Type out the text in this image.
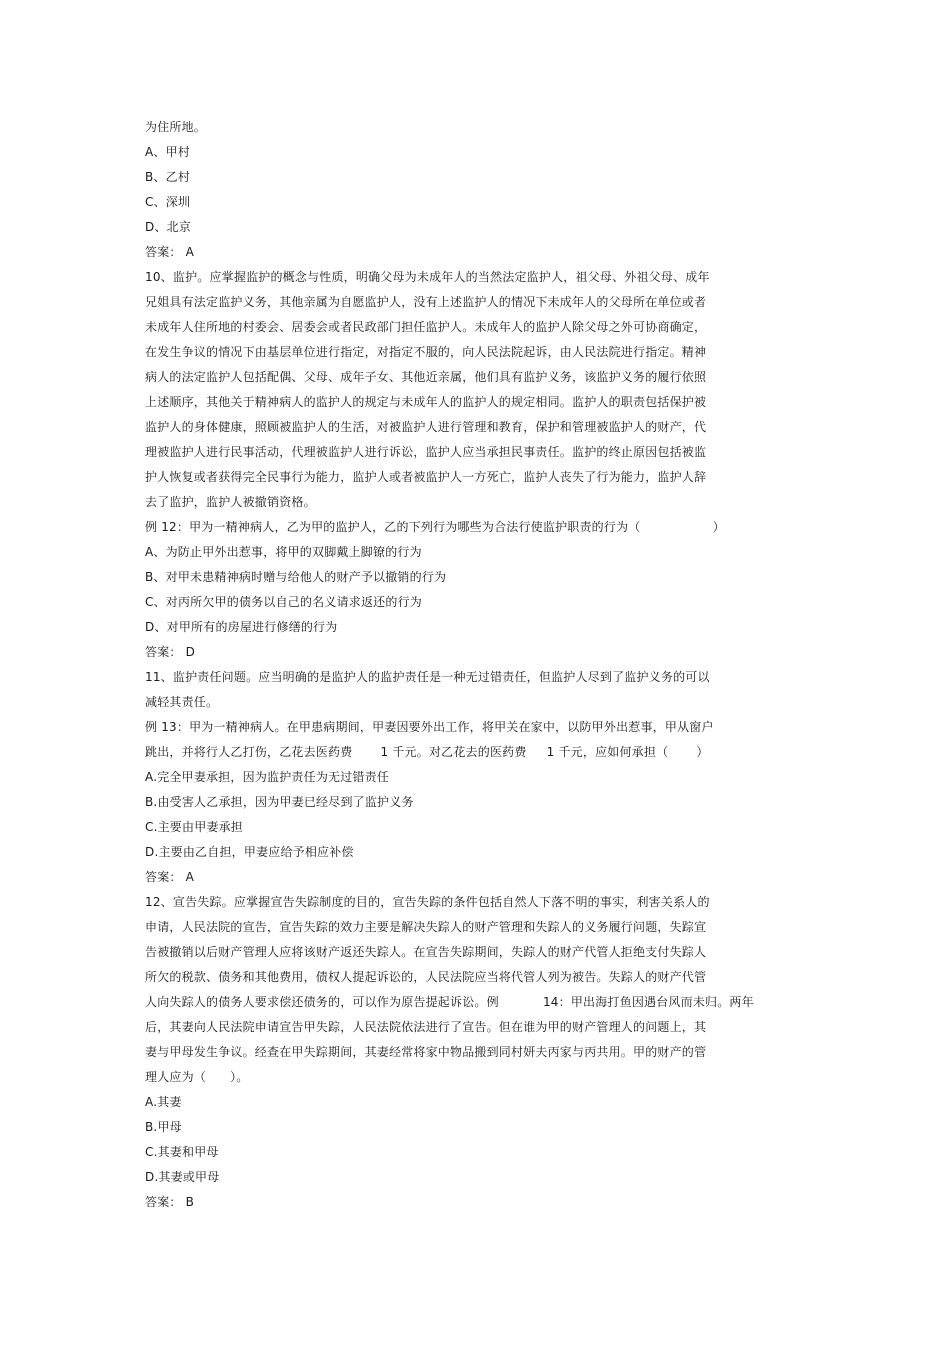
为住所地。
A、甲村
B、乙村
C、深圳
D、北京
答案： A
10、监护。应掌握监护的概念与性质，明确父母为未成年人的当然法定监护人，祖父母、外祖父母、成年
兄姐具有法定监护义务，其他亲属为自愿监护人，没有上述监护人的情况下未成年人的父母所在单位或者
未成年人住所地的村委会、居委会或者民政部门担任监护人。未成年人的监护人除父母之外可协商确定，
在发生争议的情况下由基层单位进行指定，对指定不服的，向人民法院起诉，由人民法院进行指定。精神
病人的法定监护人包括配偶、父母、成年子女、其他近亲属，他们具有监护义务，该监护义务的履行依照
上述顺序，其他关于精神病人的监护人的规定与未成年人的监护人的规定相同。监护人的职责包括保护被
监护人的身体健康，照顾被监护人的生活，对被监护人进行管理和教育，保护和管理被监护人的财产，代
理被监护人进行民事活动，代理被监护人进行诉讼，监护人应当承担民事责任。监护的终止原因包括被监
护人恢复或者获得完全民事行为能力，监护人或者被监护人一方死亡，监护人丧失了行为能力，监护人辞
去了监护，监护人被撤销资格。
例 12：甲为一精神病人，乙为甲的监护人，乙的下列行为哪些为合法行使监护职责的行为（                  ）
A、为防止甲外出惹事，将甲的双脚戴上脚镣的行为
B、对甲未患精神病时赠与给他人的财产予以撤销的行为
C、对丙所欠甲的债务以自己的名义请求返还的行为
D、对甲所有的房屋进行修缮的行为
答案： D
11、监护责任问题。应当明确的是监护人的监护责任是一种无过错责任，但监护人尽到了监护义务的可以
减轻其责任。
例 13：甲为一精神病人。在甲患病期间，甲妻因要外出工作，将甲关在家中，以防甲外出惹事，甲从窗户
跳出，并将行人乙打伤，乙花去医药费       1 千元。对乙花去的医药费     1 千元，应如何承担（       ）
A.完全甲妻承担，因为监护责任为无过错责任
B.由受害人乙承担，因为甲妻已经尽到了监护义务
C.主要由甲妻承担
D.主要由乙自担，甲妻应给予相应补偿
答案： A
12、宣告失踪。应掌握宣告失踪制度的目的，宣告失踪的条件包括自然人下落不明的事实，利害关系人的
申请，人民法院的宣告，宣告失踪的效力主要是解决失踪人的财产管理和失踪人的义务履行问题，失踪宣
告被撤销以后财产管理人应将该财产返还失踪人。在宣告失踪期间，失踪人的财产代管人拒绝支付失踪人
所欠的税款、债务和其他费用，债权人提起诉讼的，人民法院应当将代管人列为被告。失踪人的财产代管
人向失踪人的债务人要求偿还债务的，可以作为原告提起诉讼。例           14：甲出海打鱼因遇台风而未归。两年
后，其妻向人民法院申请宣告甲失踪，人民法院依法进行了宣告。但在谁为甲的财产管理人的问题上，其
妻与甲母发生争议。经查在甲失踪期间，其妻经常将家中物品搬到同村妍夫丙家与丙共用。甲的财产的管
理人应为（      ）。
A.其妻
B.甲母
C.其妻和甲母
D.其妻或甲母
答案： B
